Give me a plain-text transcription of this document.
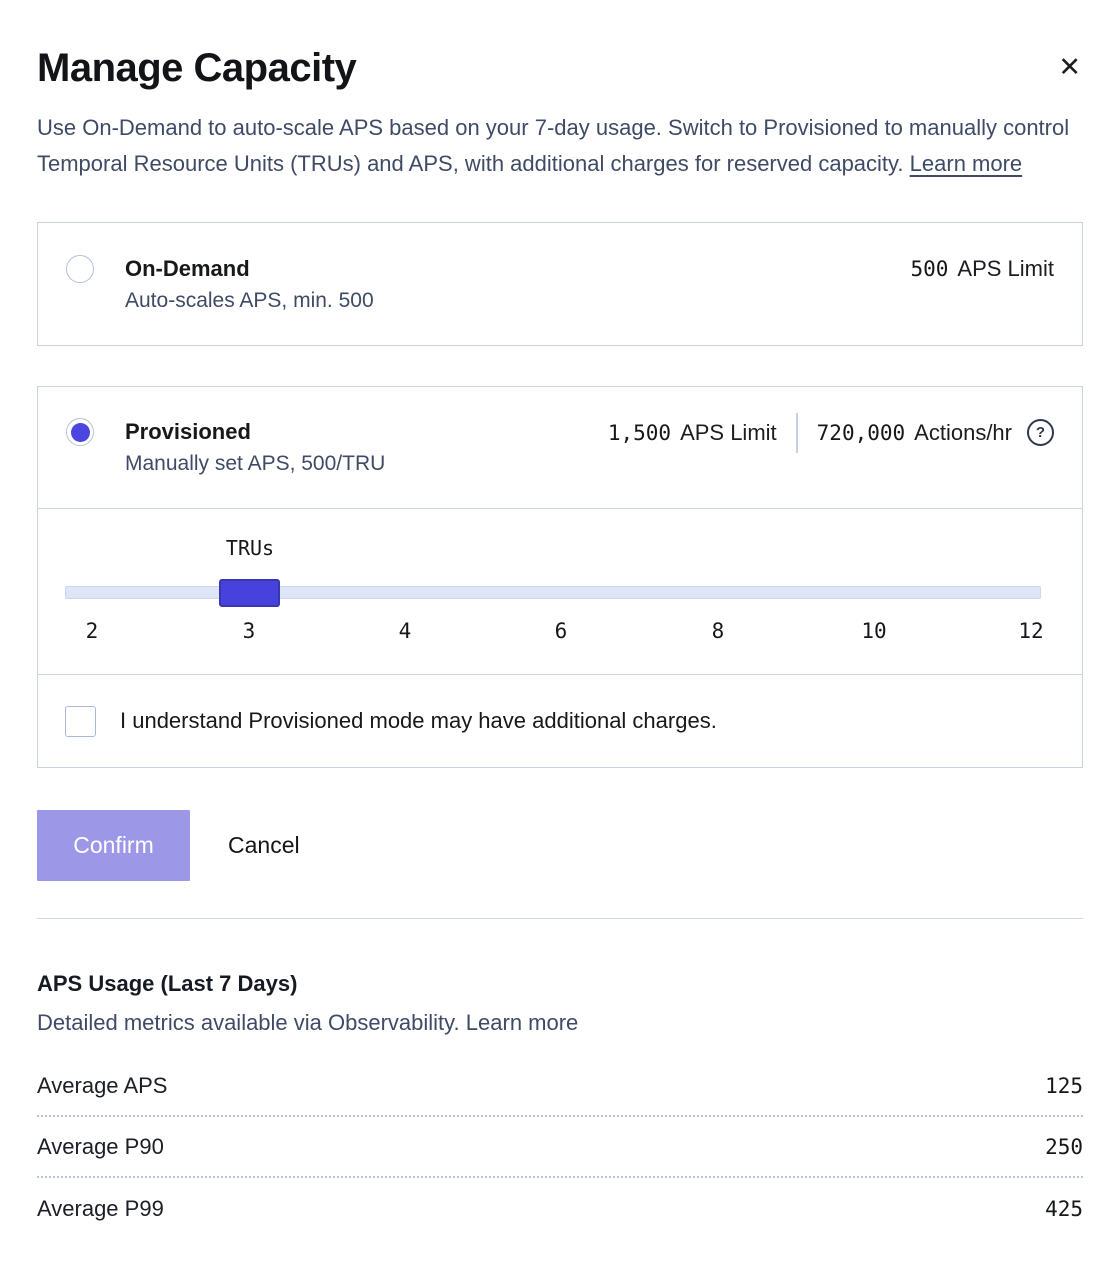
Manage Capacity	✕

Use On-Demand to auto-scale APS based on your 7-day usage. Switch to Provisioned to manually control Temporal Resource Units (TRUs) and APS, with additional charges for reserved capacity. Learn more

On-Demand
Auto-scales APS, min. 500
500 APS Limit
Provisioned
Manually set APS, 500/TRU
1,500 APS Limit 720,000 Actions/hr	?
TRUs
2	3	4	6	8	10	12
I understand Provisioned mode may have additional charges.
Confirm	Cancel
APS Usage (Last 7 Days)

Detailed metrics available via Observability. Learn more

Average APS	125
Average P90	250
Average P99	425
